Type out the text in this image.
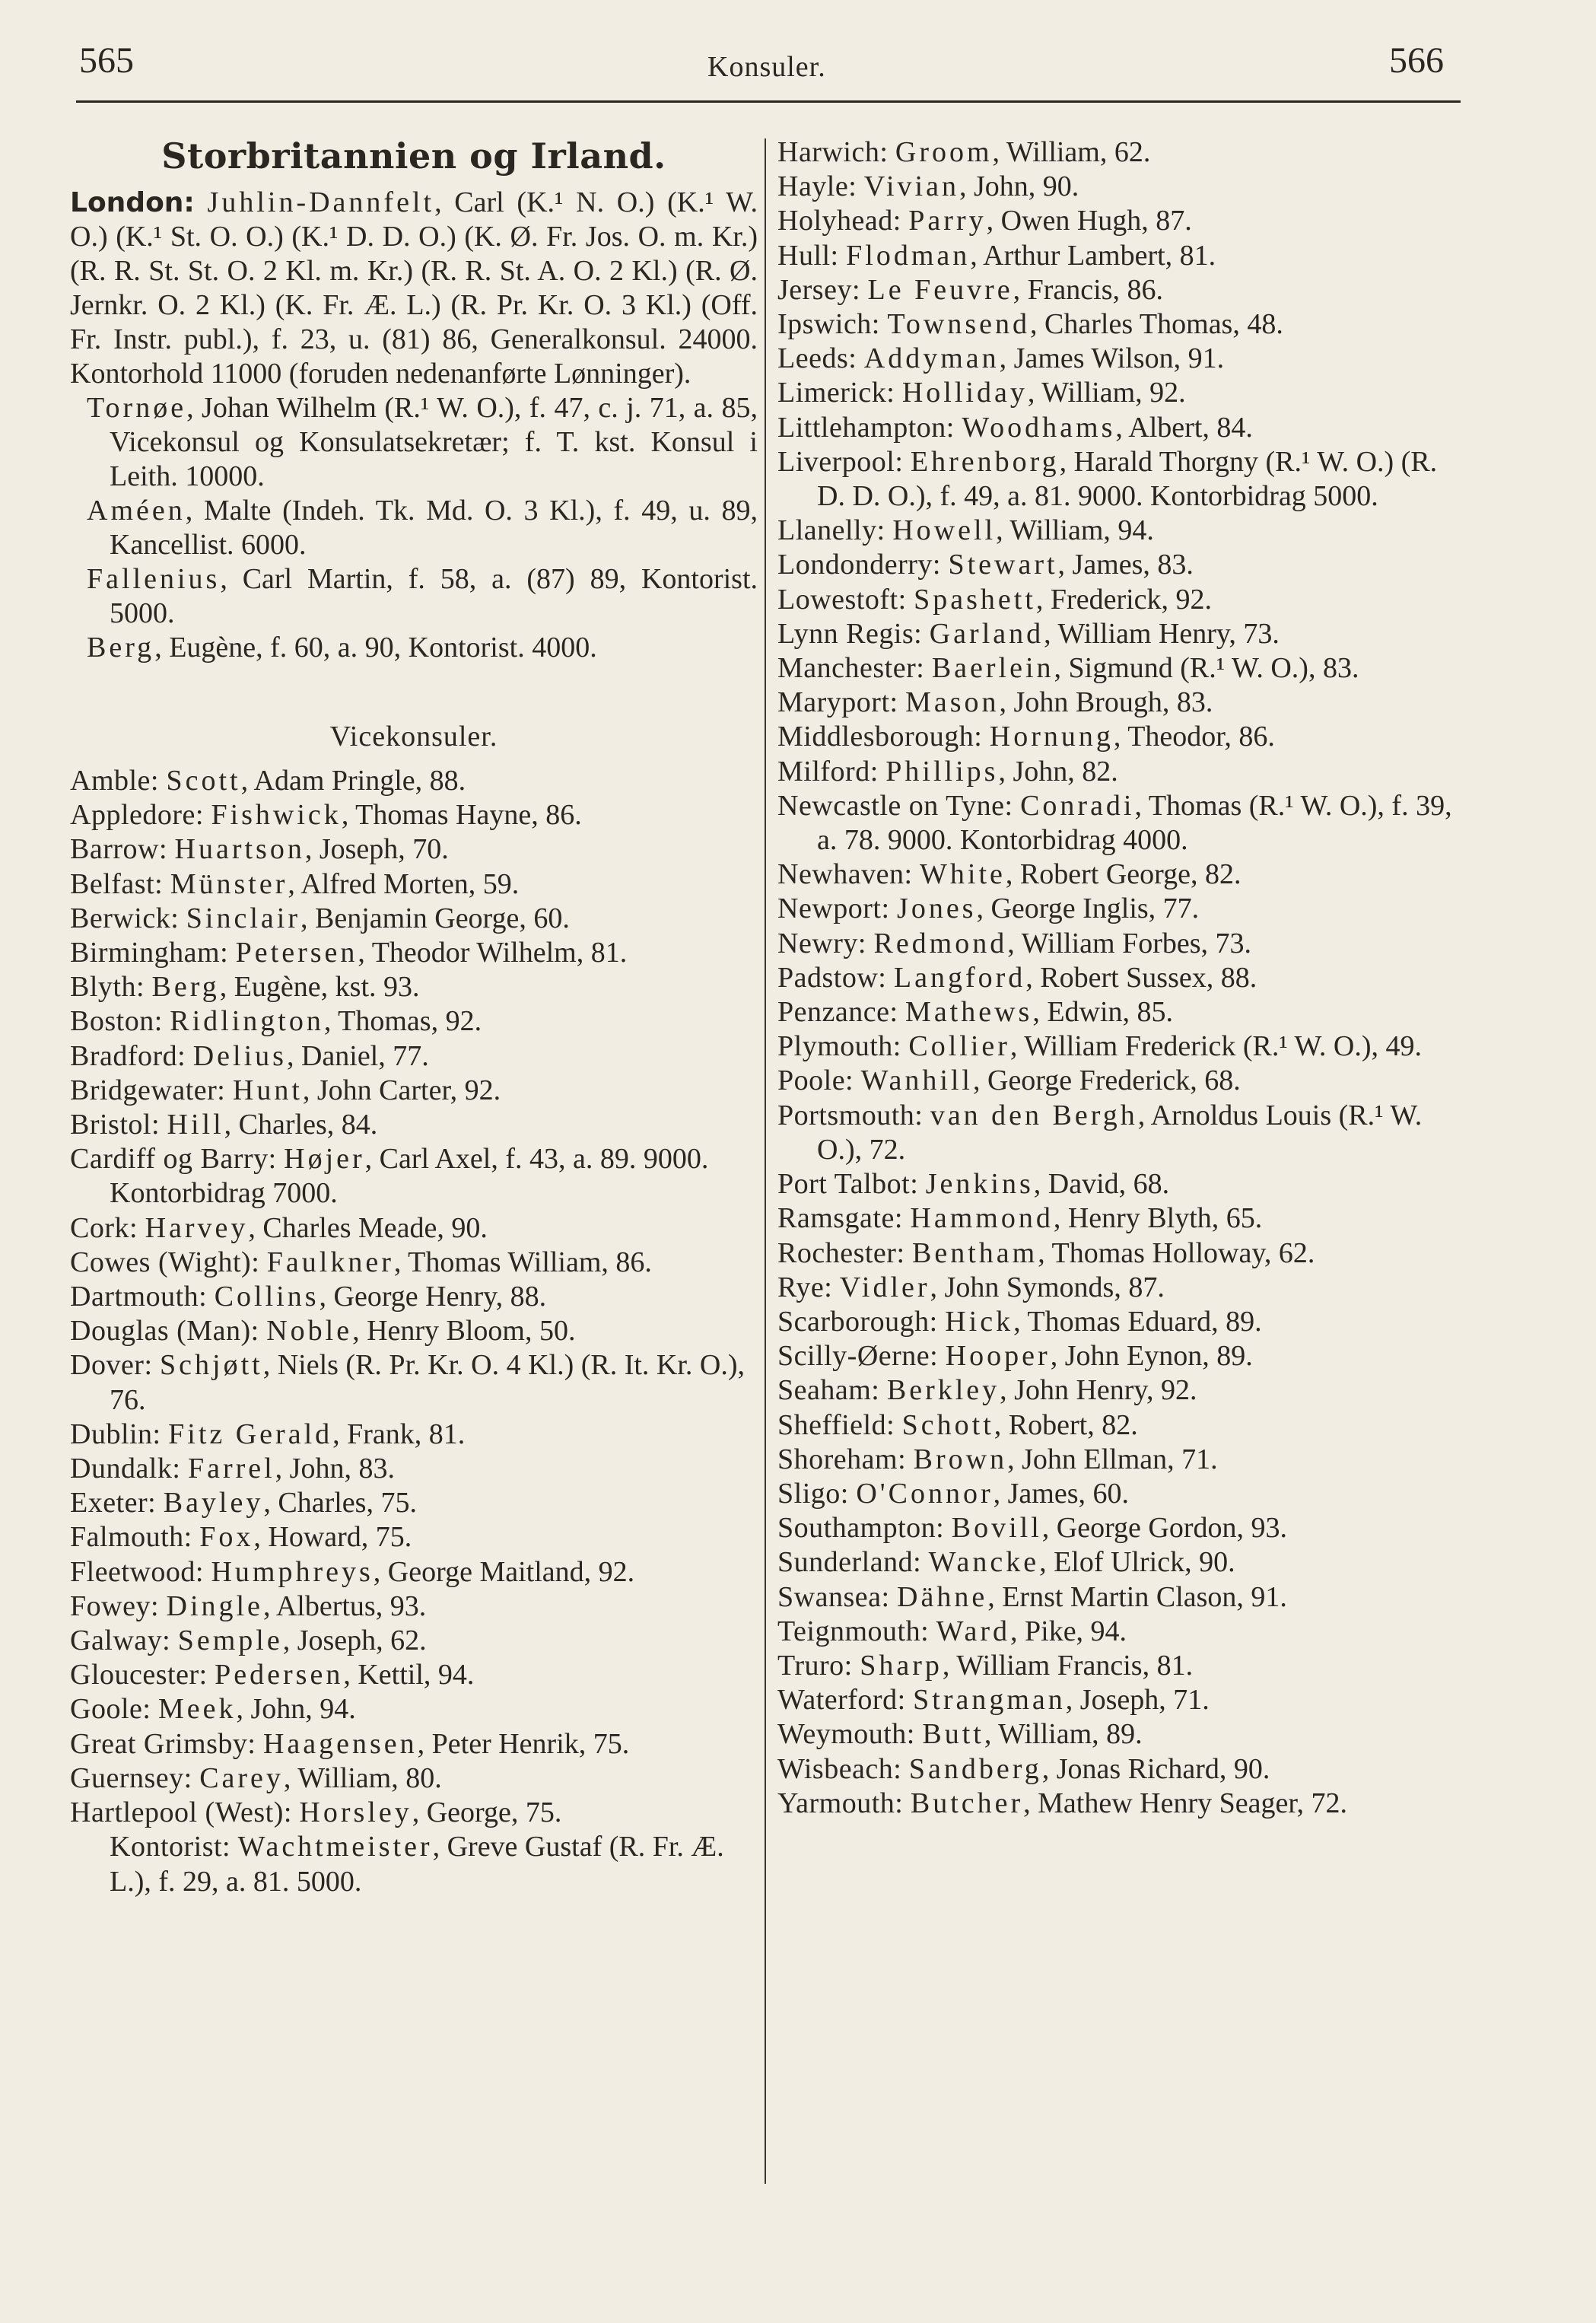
565	Konsuler.	566
Storbritannien og Irland.
London: Juhlin-Dannfelt, Carl (K.¹ N. O.) (K.¹ W. O.) (K.¹ St. O. O.) (K.¹ D. D. O.) (K. Ø. Fr. Jos. O. m. Kr.) (R. R. St. St. O. 2 Kl. m. Kr.) (R. R. St. A. O. 2 Kl.) (R. Ø. Jernkr. O. 2 Kl.) (K. Fr. Æ. L.) (R. Pr. Kr. O. 3 Kl.) (Off. Fr. Instr. publ.), f. 23, u. (81) 86, Generalkonsul. 24000. Kontorhold 11000 (foruden nedenanførte Lønninger).
Tornøe, Johan Wilhelm (R.¹ W. O.), f. 47, c. j. 71, a. 85, Vicekonsul og Konsulatsekretær; f. T. kst. Konsul i Leith. 10000.
Améen, Malte (Indeh. Tk. Md. O. 3 Kl.), f. 49, u. 89, Kancellist. 6000.
Fallenius, Carl Martin, f. 58, a. (87) 89, Kontorist. 5000.
Berg, Eugène, f. 60, a. 90, Kontorist. 4000.
Vicekonsuler.
Amble: Scott, Adam Pringle, 88.
Appledore: Fishwick, Thomas Hayne, 86.
Barrow: Huartson, Joseph, 70.
Belfast: Münster, Alfred Morten, 59.
Berwick: Sinclair, Benjamin George, 60.
Birmingham: Petersen, Theodor Wilhelm, 81.
Blyth: Berg, Eugène, kst. 93.
Boston: Ridlington, Thomas, 92.
Bradford: Delius, Daniel, 77.
Bridgewater: Hunt, John Carter, 92.
Bristol: Hill, Charles, 84.
Cardiff og Barry: Højer, Carl Axel, f. 43, a. 89. 9000. Kontorbidrag 7000.
Cork: Harvey, Charles Meade, 90.
Cowes (Wight): Faulkner, Thomas William, 86.
Dartmouth: Collins, George Henry, 88.
Douglas (Man): Noble, Henry Bloom, 50.
Dover: Schjøtt, Niels (R. Pr. Kr. O. 4 Kl.) (R. It. Kr. O.), 76.
Dublin: Fitz Gerald, Frank, 81.
Dundalk: Farrel, John, 83.
Exeter: Bayley, Charles, 75.
Falmouth: Fox, Howard, 75.
Fleetwood: Humphreys, George Maitland, 92.
Fowey: Dingle, Albertus, 93.
Galway: Semple, Joseph, 62.
Gloucester: Pedersen, Kettil, 94.
Goole: Meek, John, 94.
Great Grimsby: Haagensen, Peter Henrik, 75.
Guernsey: Carey, William, 80.
Hartlepool (West): Horsley, George, 75.
Kontorist: Wachtmeister, Greve Gustaf (R. Fr. Æ. L.), f. 29, a. 81. 5000.
Harwich: Groom, William, 62.
Hayle: Vivian, John, 90.
Holyhead: Parry, Owen Hugh, 87.
Hull: Flodman, Arthur Lambert, 81.
Jersey: Le Feuvre, Francis, 86.
Ipswich: Townsend, Charles Thomas, 48.
Leeds: Addyman, James Wilson, 91.
Limerick: Holliday, William, 92.
Littlehampton: Woodhams, Albert, 84.
Liverpool: Ehrenborg, Harald Thorgny (R.¹ W. O.) (R. D. D. O.), f. 49, a. 81. 9000. Kontorbidrag 5000.
Llanelly: Howell, William, 94.
Londonderry: Stewart, James, 83.
Lowestoft: Spashett, Frederick, 92.
Lynn Regis: Garland, William Henry, 73.
Manchester: Baerlein, Sigmund (R.¹ W. O.), 83.
Maryport: Mason, John Brough, 83.
Middlesborough: Hornung, Theodor, 86.
Milford: Phillips, John, 82.
Newcastle on Tyne: Conradi, Thomas (R.¹ W. O.), f. 39, a. 78. 9000. Kontorbidrag 4000.
Newhaven: White, Robert George, 82.
Newport: Jones, George Inglis, 77.
Newry: Redmond, William Forbes, 73.
Padstow: Langford, Robert Sussex, 88.
Penzance: Mathews, Edwin, 85.
Plymouth: Collier, William Frederick (R.¹ W. O.), 49.
Poole: Wanhill, George Frederick, 68.
Portsmouth: van den Bergh, Arnoldus Louis (R.¹ W. O.), 72.
Port Talbot: Jenkins, David, 68.
Ramsgate: Hammond, Henry Blyth, 65.
Rochester: Bentham, Thomas Holloway, 62.
Rye: Vidler, John Symonds, 87.
Scarborough: Hick, Thomas Eduard, 89.
Scilly-Øerne: Hooper, John Eynon, 89.
Seaham: Berkley, John Henry, 92.
Sheffield: Schott, Robert, 82.
Shoreham: Brown, John Ellman, 71.
Sligo: O'Connor, James, 60.
Southampton: Bovill, George Gordon, 93.
Sunderland: Wancke, Elof Ulrick, 90.
Swansea: Dähne, Ernst Martin Clason, 91.
Teignmouth: Ward, Pike, 94.
Truro: Sharp, William Francis, 81.
Waterford: Strangman, Joseph, 71.
Weymouth: Butt, William, 89.
Wisbeach: Sandberg, Jonas Richard, 90.
Yarmouth: Butcher, Mathew Henry Seager, 72.
